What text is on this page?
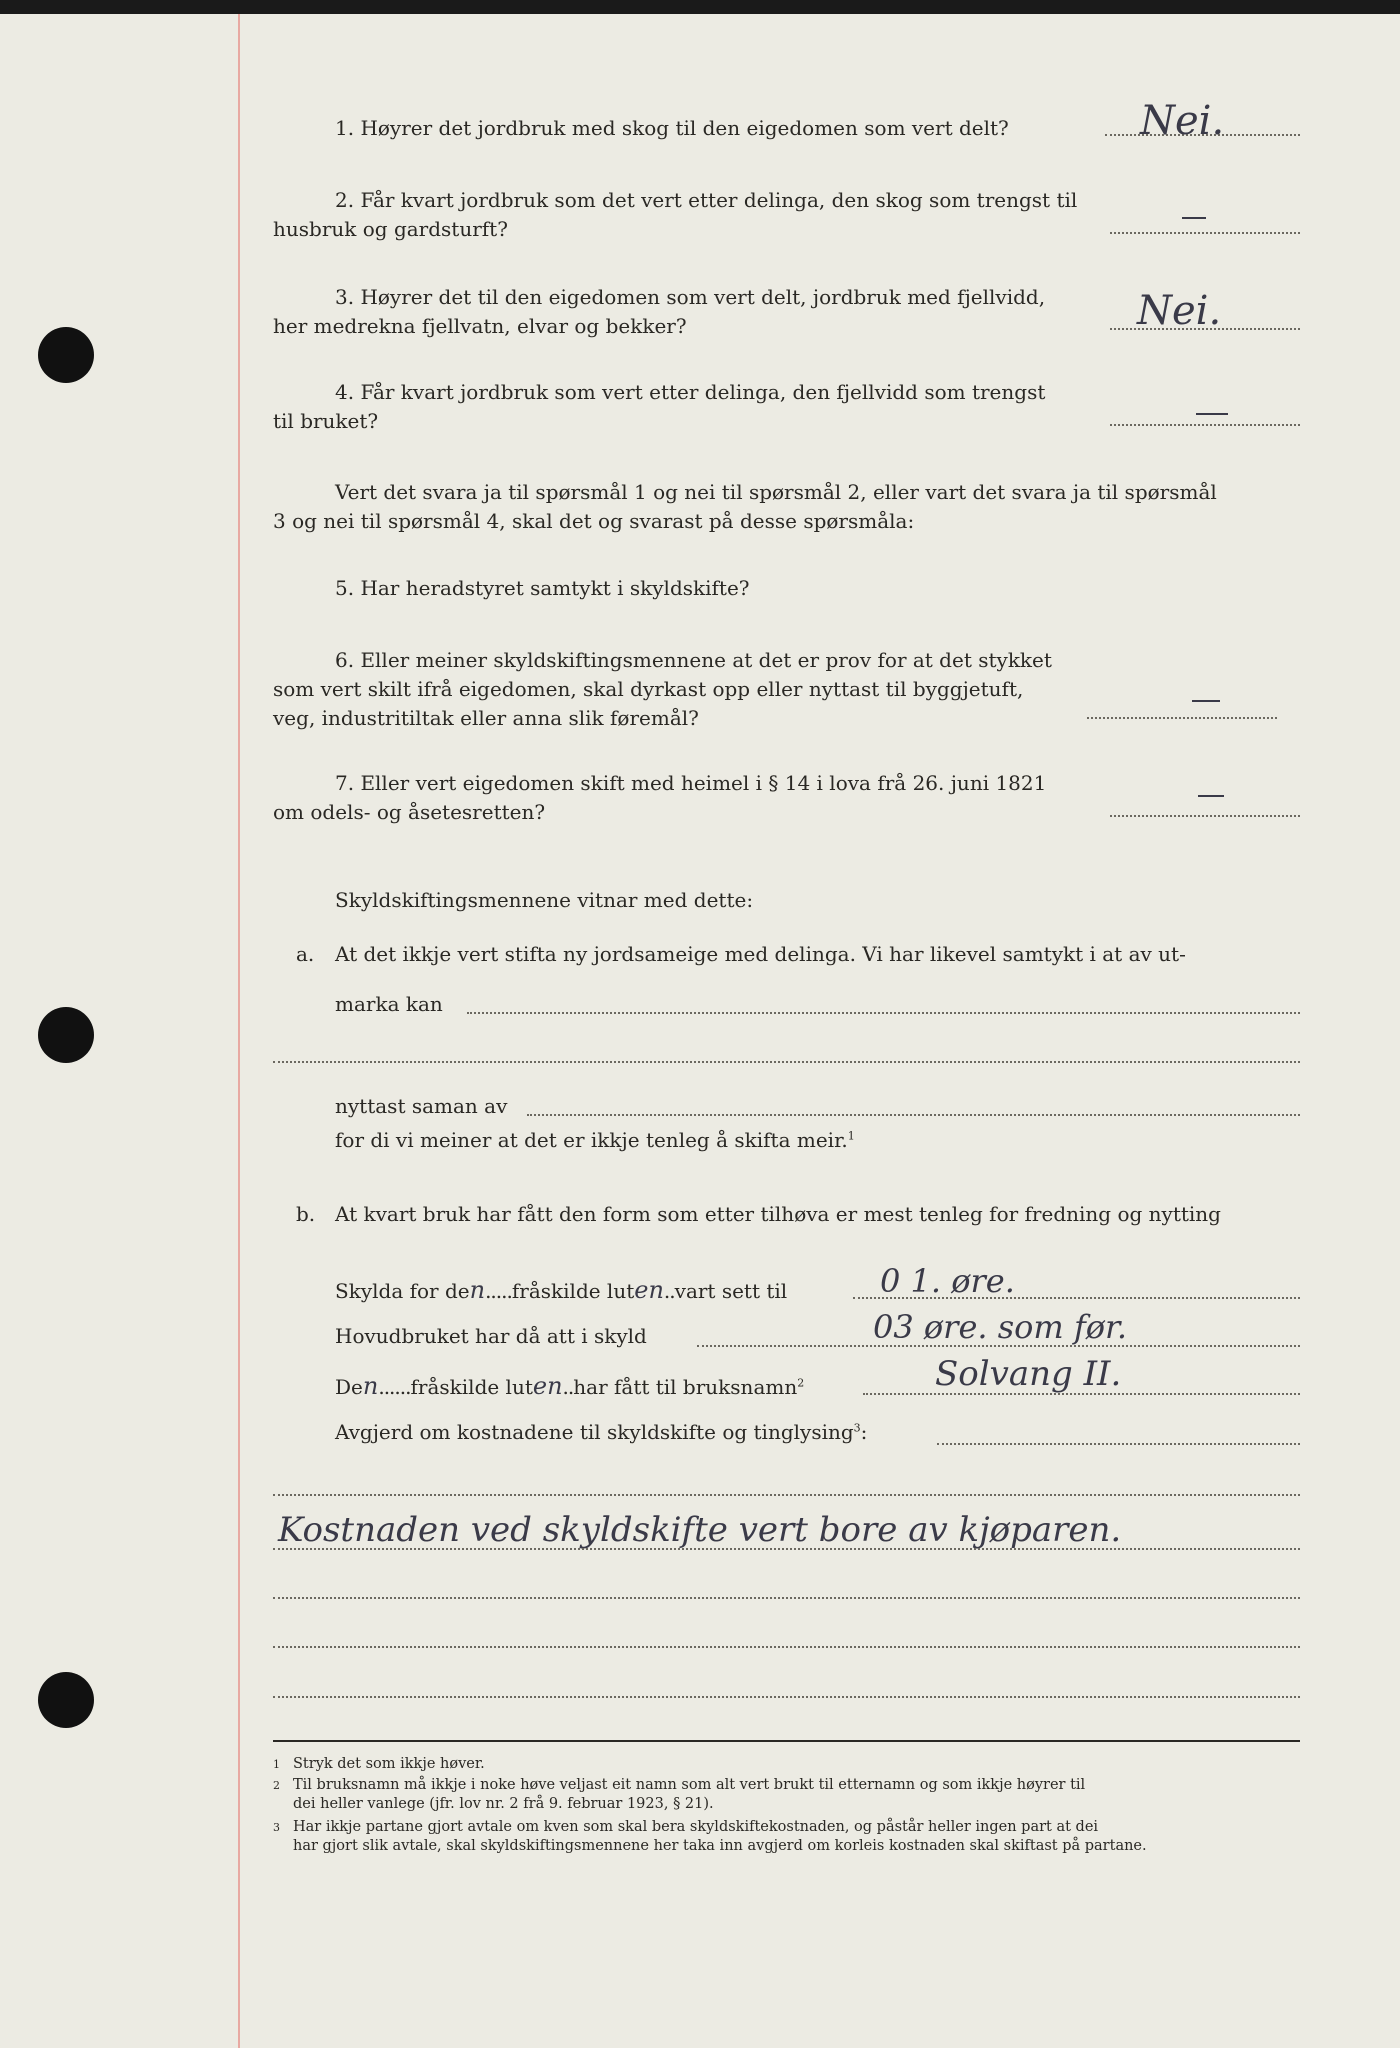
1. Høyrer det jordbruk med skog til den eigedomen som vert delt?	Nei.
2. Får kvart jordbruk som det vert etter delinga, den skog som trengst til
husbruk og gardsturft?
3. Høyrer det til den eigedomen som vert delt, jordbruk med fjellvidd,
her medrekna fjellvatn, elvar og bekker?	Nei.
4. Får kvart jordbruk som vert etter delinga, den fjellvidd som trengst
til bruket?
Vert det svara ja til spørsmål 1 og nei til spørsmål 2, eller vart det svara ja til spørsmål
3 og nei til spørsmål 4, skal det og svarast på desse spørsmåla:
5. Har heradstyret samtykt i skyldskifte?
6. Eller meiner skyldskiftingsmennene at det er prov for at det stykket
som vert skilt ifrå eigedomen, skal dyrkast opp eller nyttast til byggjetuft,
veg, industritiltak eller anna slik føremål?
7. Eller vert eigedomen skift med heimel i § 14 i lova frå 26. juni 1821
om odels- og åsetesretten?
Skyldskiftingsmennene vitnar med dette:
a. At det ikkje vert stifta ny jordsameige med delinga. Vi har likevel samtykt i at av ut-
marka kan
nyttast saman av
for di vi meiner at det er ikkje tenleg å skifta meir.$^1$
b. At kvart bruk har fått den form som etter tilhøva er mest tenleg for fredning og nytting
Skylda for den.....fråskilde luten..vart sett til	0 1. øre.
Hovudbruket har då att i skyld	03 øre. som før.
Den......fråskilde luten..har fått til bruksnamn$^2$	Solvang II.
Avgjerd om kostnadene til skyldskifte og tinglysing$^3$:
Kostnaden ved skyldskifte vert bore av kjøparen.
1 Stryk det som ikkje høver.
2 Til bruksnamn må ikkje i noke høve veljast eit namn som alt vert brukt til etternamn og som ikkje høyrer til
dei heller vanlege (jfr. lov nr. 2 frå 9. februar 1923, § 21).
3 Har ikkje partane gjort avtale om kven som skal bera skyldskiftekostnaden, og påstår heller ingen part at dei
har gjort slik avtale, skal skyldskiftingsmennene her taka inn avgjerd om korleis kostnaden skal skiftast på partane.
